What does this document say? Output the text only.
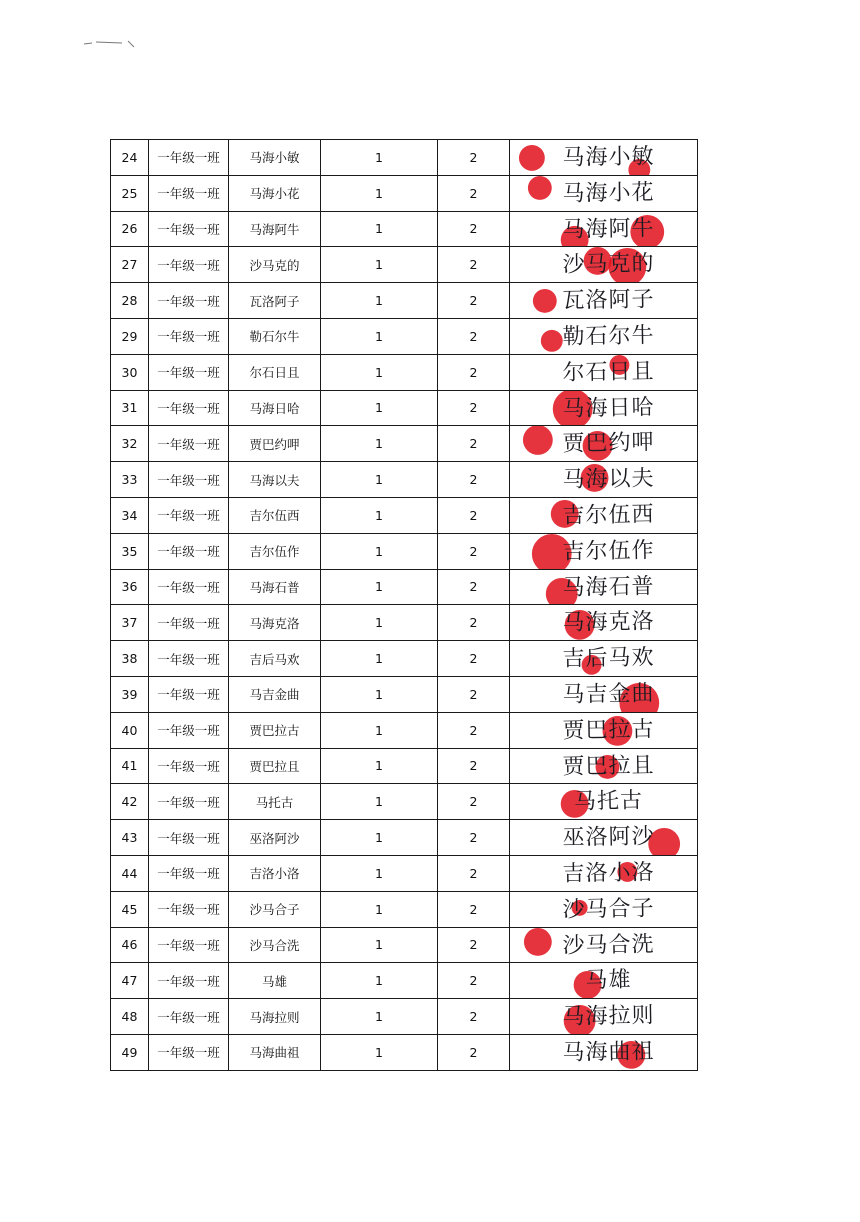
24	一年级一班	马海小敏	1	2	马海小敏

25	一年级一班	马海小花	1	2	马海小花

26	一年级一班	马海阿牛	1	2	马海阿牛

27	一年级一班	沙马克的	1	2	沙马克的

28	一年级一班	瓦洛阿子	1	2	瓦洛阿子

29	一年级一班	勒石尔牛	1	2	勒石尔牛

30	一年级一班	尔石日且	1	2	尔石日且

31	一年级一班	马海日哈	1	2	马海日哈

32	一年级一班	贾巴约呷	1	2	贾巴约呷

33	一年级一班	马海以夫	1	2	马海以夫

34	一年级一班	吉尔伍西	1	2	吉尔伍西

35	一年级一班	吉尔伍作	1	2	吉尔伍作

36	一年级一班	马海石普	1	2	马海石普

37	一年级一班	马海克洛	1	2	马海克洛

38	一年级一班	吉后马欢	1	2	吉后马欢

39	一年级一班	马吉金曲	1	2	马吉金曲

40	一年级一班	贾巴拉古	1	2	贾巴拉古

41	一年级一班	贾巴拉且	1	2	贾巴拉且

42	一年级一班	马托古	1	2	马托古

43	一年级一班	巫洛阿沙	1	2	巫洛阿沙

44	一年级一班	吉洛小洛	1	2	吉洛小洛

45	一年级一班	沙马合子	1	2	沙马合子

46	一年级一班	沙马合洗	1	2	沙马合洗

47	一年级一班	马雄	1	2	马雄

48	一年级一班	马海拉则	1	2	马海拉则

49	一年级一班	马海曲祖	1	2	马海曲祖
